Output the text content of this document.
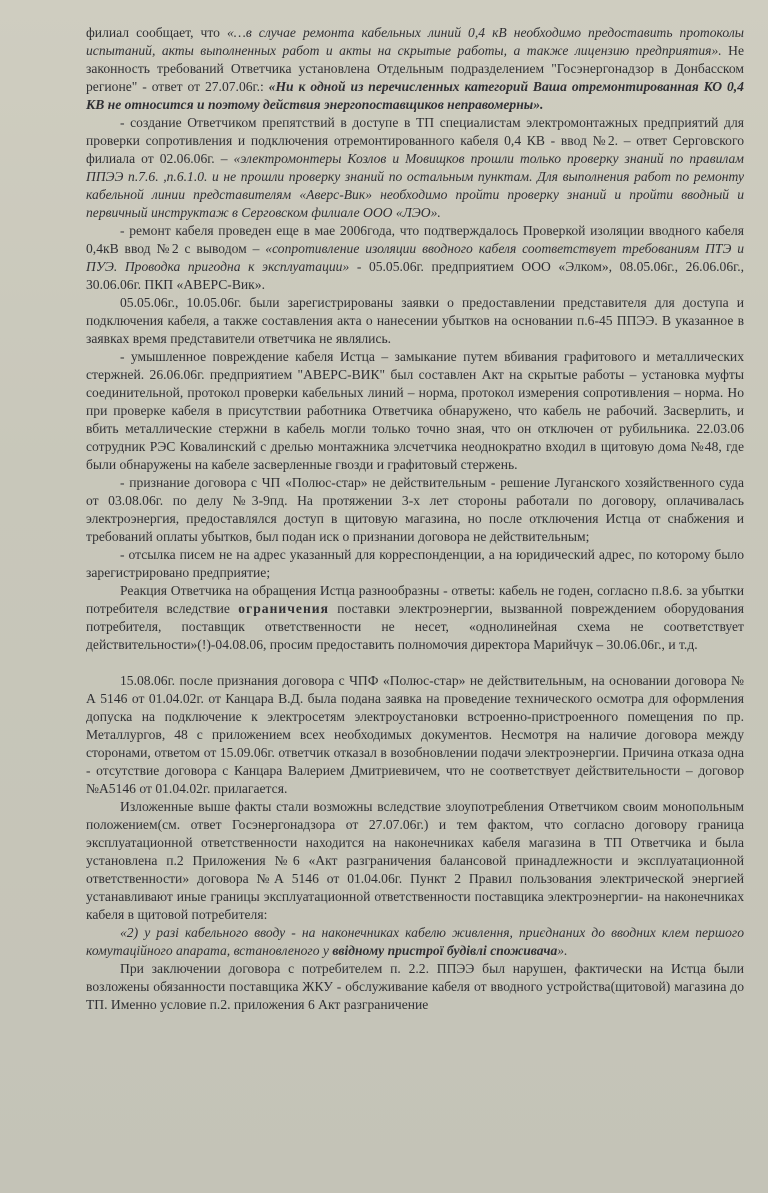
филиал сообщает, что «…в случае ремонта кабельных линий 0,4 кВ необходимо предоставить протоколы испытаний, акты выполненных работ и акты на скрытые работы, а также лицензию предприятия». Не законность требований Ответчика установлена Отдельным подразделением "Госэнергонадзор в Донбасском регионе" - ответ от 27.07.06г.: «Ни к одной из перечисленных категорий Ваша отремонтированная КО 0,4 КВ не относится и поэтому действия энергопоставщиков неправомерны».

- создание Ответчиком препятствий в доступе в ТП специалистам электромонтажных предприятий для проверки сопротивления и подключения отремонтированного кабеля 0,4 КВ - ввод №2. – ответ Серговского филиала от 02.06.06г. – «электромонтеры Козлов и Мовищков прошли только проверку знаний по правилам ППЭЭ п.7.6. ,п.6.1.0. и не прошли проверку знаний по остальным пунктам. Для выполнения работ по ремонту кабельной линии представителям «Аверс-Вик» необходимо пройти проверку знаний и пройти вводный и первичный инструктаж в Серговском филиале ООО «ЛЭО».

- ремонт кабеля проведен еще в мае 2006года, что подтверждалось Проверкой изоляции вводного кабеля 0,4кВ ввод №2 с выводом – «сопротивление изоляции вводного кабеля соответствует требованиям ПТЭ и ПУЭ. Проводка пригодна к эксплуатации» - 05.05.06г. предприятием ООО «Элком», 08.05.06г., 26.06.06г., 30.06.06г. ПКП «АВЕРС-Вик».

05.05.06г., 10.05.06г. были зарегистрированы заявки о предоставлении представителя для доступа и подключения кабеля, а также составления акта о нанесении убытков на основании п.6-45 ППЭЭ. В указанное в заявках время представители ответчика не являлись.

- умышленное повреждение кабеля Истца – замыкание путем вбивания графитового и металлических стержней. 26.06.06г. предприятием "АВЕРС-ВИК" был составлен Акт на скрытые работы – установка муфты соединительной, протокол проверки кабельных линий – норма, протокол измерения сопротивления – норма. Но при проверке кабеля в присутствии работника Ответчика обнаружено, что кабель не рабочий. Засверлить, и вбить металлические стержни в кабель могли только точно зная, что он отключен от рубильника. 22.03.06 сотрудник РЭС Ковалинский с дрелью монтажника элсчетчика неоднократно входил в щитовую дома №48, где были обнаружены на кабеле засверленные гвозди и графитовый стержень.

- признание договора с ЧП «Полюс-стар» не действительным - решение Луганского хозяйственного суда от 03.08.06г. по делу №3-9пд. На протяжении 3-х лет стороны работали по договору, оплачивалась электроэнергия, предоставлялся доступ в щитовую магазина, но после отключения Истца от снабжения и требований оплаты убытков, был подан иск о признании договора не действительным;

- отсылка писем не на адрес указанный для корреспонденции, а на юридический адрес, по которому было зарегистрировано предприятие;

Реакция Ответчика на обращения Истца разнообразны - ответы: кабель не годен, согласно п.8.6. за убытки потребителя вследствие ограничения поставки электроэнергии, вызванной повреждением оборудования потребителя, поставщик ответственности не несет, «однолинейная схема не соответствует действительности»(!)-04.08.06, просим предоставить полномочия директора Марийчук – 30.06.06г., и т.д.

15.08.06г. после признания договора с ЧПФ «Полюс-стар» не действительным, на основании договора № А 5146 от 01.04.02г. от Канцара В.Д. была подана заявка на проведение технического осмотра для оформления допуска на подключение к электросетям электроустановки встроенно-пристроенного помещения по пр. Металлургов, 48 с приложением всех необходимых документов. Несмотря на наличие договора между сторонами, ответом от 15.09.06г. ответчик отказал в возобновлении подачи электроэнергии. Причина отказа одна - отсутствие договора с Канцара Валерием Дмитриевичем, что не соответствует действительности – договор №А5146 от 01.04.02г. прилагается.

Изложенные выше факты стали возможны вследствие злоупотребления Ответчиком своим монопольным положением(см. ответ Госэнергонадзора от 27.07.06г.) и тем фактом, что согласно договору граница эксплуатационной ответственности находится на наконечниках кабеля магазина в ТП Ответчика и была установлена п.2 Приложения №6 «Акт разграничения балансовой принадлежности и эксплуатационной ответственности» договора №А 5146 от 01.04.06г. Пункт 2 Правил пользования электрической энергией устанавливают иные границы эксплуатационной ответственности поставщика электроэнергии- на наконечниках кабеля в щитовой потребителя:

«2) у разі кабельного вводу - на наконечниках кабелю живлення, приєднаних до вводних клем першого комутаційного апарата, встановленого у ввідному пристрої будівлі споживача».

При заключении договора с потребителем п. 2.2. ППЭЭ был нарушен, фактически на Истца были возложены обязанности поставщика ЖКУ - обслуживание кабеля от вводного устройства(щитовой) магазина до ТП. Именно условие п.2. приложения 6 Акт разграничение
